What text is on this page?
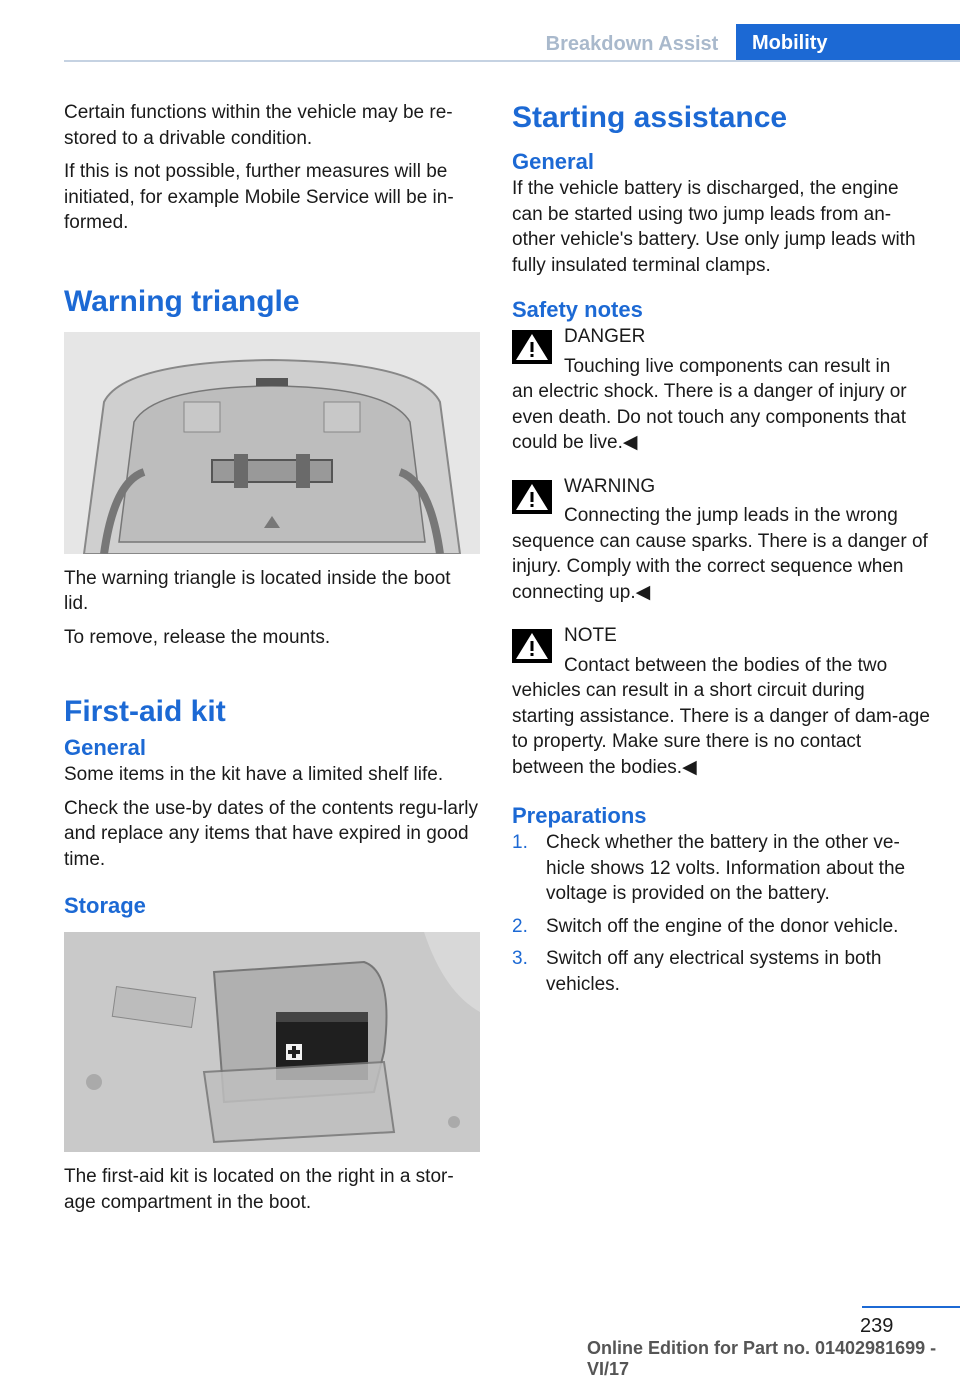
Breakdown Assist	Mobility

Certain functions within the vehicle may be re-stored to a drivable condition.

If this is not possible, further measures will be initiated, for example Mobile Service will be in-formed.

Warning triangle

The warning triangle is located inside the boot lid.

To remove, release the mounts.

First-aid kit
General

Some items in the kit have a limited shelf life.

Check the use-by dates of the contents regu-larly and replace any items that have expired in good time.

Storage

The first-aid kit is located on the right in a stor-age compartment in the boot.

Starting assistance
General

If the vehicle battery is discharged, the engine can be started using two jump leads from an-other vehicle's battery. Use only jump leads with fully insulated terminal clamps.

Safety notes
DANGER
Touching live components can result in
an electric shock. There is a danger of injury or even death. Do not touch any components that could be live.◀
WARNING
Connecting the jump leads in the wrong
sequence can cause sparks. There is a danger of injury. Comply with the correct sequence when connecting up.◀
NOTE
Contact between the bodies of the two
vehicles can result in a short circuit during starting assistance. There is a danger of dam-age to property. Make sure there is no contact between the bodies.◀
Preparations
1. Check whether the battery in the other ve-hicle shows 12 volts. Information about the voltage is provided on the battery.
2. Switch off the engine of the donor vehicle.
3. Switch off any electrical systems in both vehicles.
239
Online Edition for Part no. 01402981699 - VI/17
